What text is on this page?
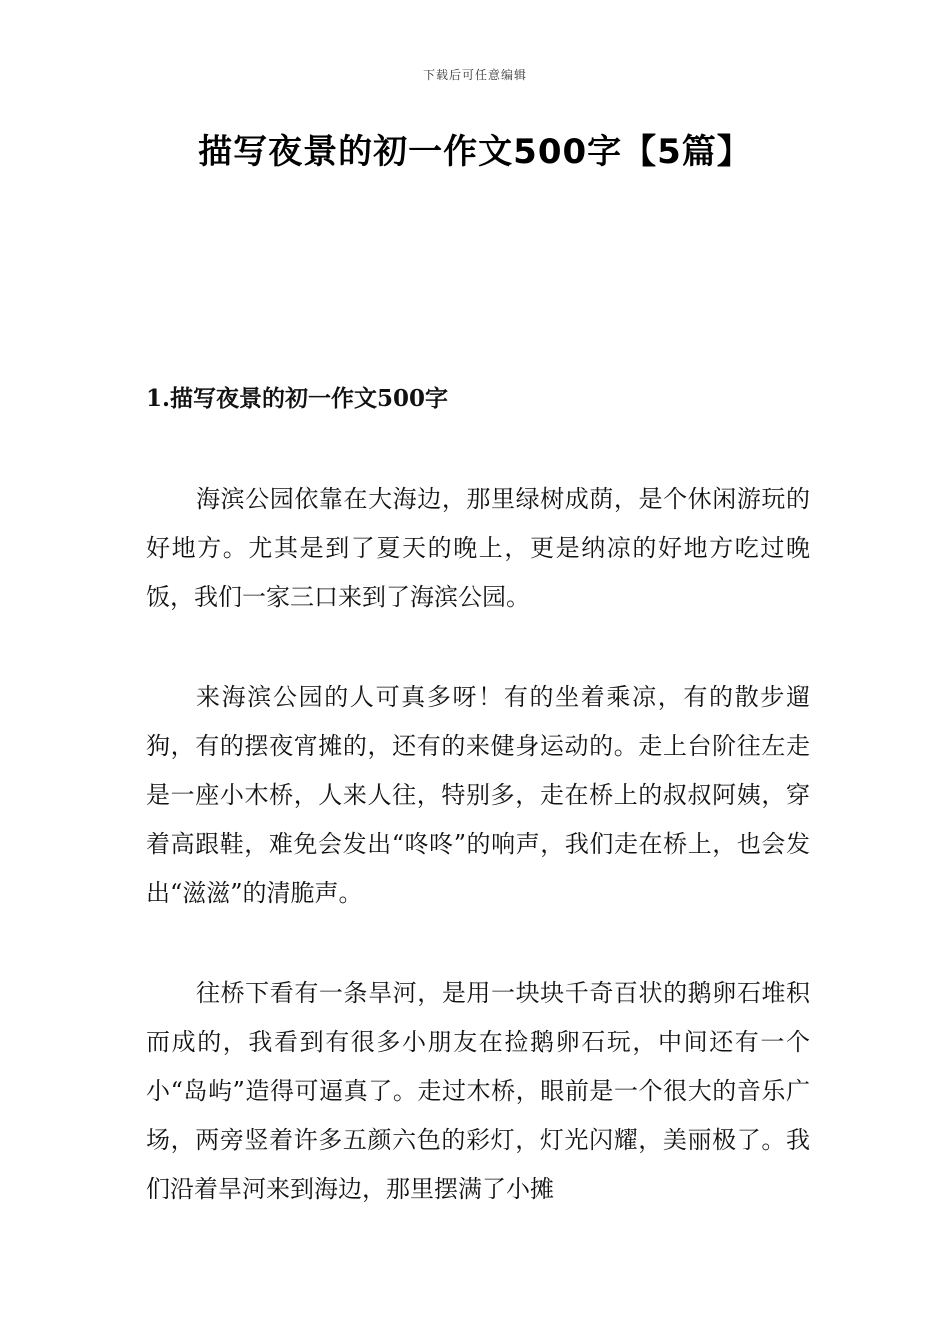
下载后可任意编辑
描写夜景的初一作文500字【5篇】
1.描写夜景的初一作文500字

海滨公园依靠在大海边，那里绿树成荫，是个休闲游玩的好地方。尤其是到了夏天的晚上，更是纳凉的好地方吃过晚饭，我们一家三口来到了海滨公园。

来海滨公园的人可真多呀！有的坐着乘凉，有的散步遛狗，有的摆夜宵摊的，还有的来健身运动的。走上台阶往左走是一座小木桥，人来人往，特别多，走在桥上的叔叔阿姨，穿着高跟鞋，难免会发出“咚咚”的响声，我们走在桥上，也会发出“滋滋”的清脆声。

往桥下看有一条旱河，是用一块块千奇百状的鹅卵石堆积而成的，我看到有很多小朋友在捡鹅卵石玩，中间还有一个小“岛屿”造得可逼真了。走过木桥，眼前是一个很大的音乐广场，两旁竖着许多五颜六色的彩灯，灯光闪耀，美丽极了。我们沿着旱河来到海边，那里摆满了小摊
